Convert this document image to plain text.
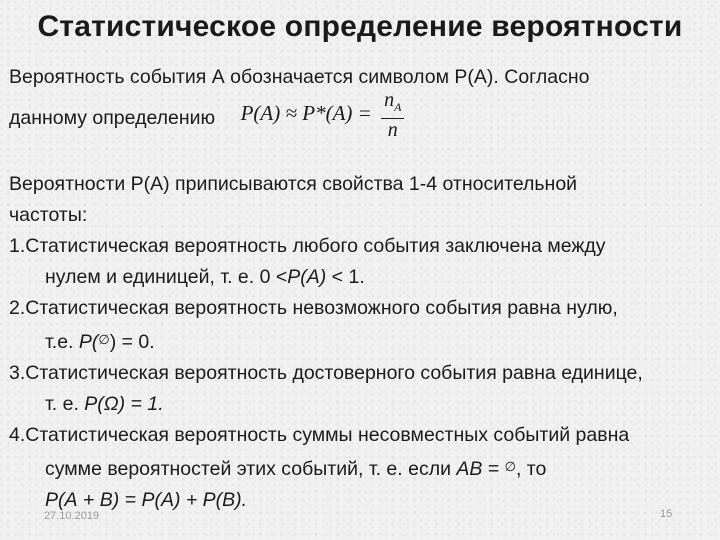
Статистическое определение вероятности
Вероятность события А обозначается символом Р(А). Согласно
данному определению $P(A) \approx P*(A) = \frac{n_A}{n}$
Вероятности Р(А) приписываются свойства 1-4 относительной
частоты:
1.Статистическая вероятность любого события заключена между
нулем и единицей, т. е. 0 <Р(А) < 1.
2.Статистическая вероятность невозможного события равна нулю,
т.е. Р(∅) = 0.
3.Статистическая вероятность достоверного события равна единице,
т. е. Р(Ω) = 1.
4.Статистическая вероятность суммы несовместных событий равна
сумме вероятностей этих событий, т. е. если АВ = ∅, то
Р(А + В) = Р(А) + Р(В).
27.10.2019	15
